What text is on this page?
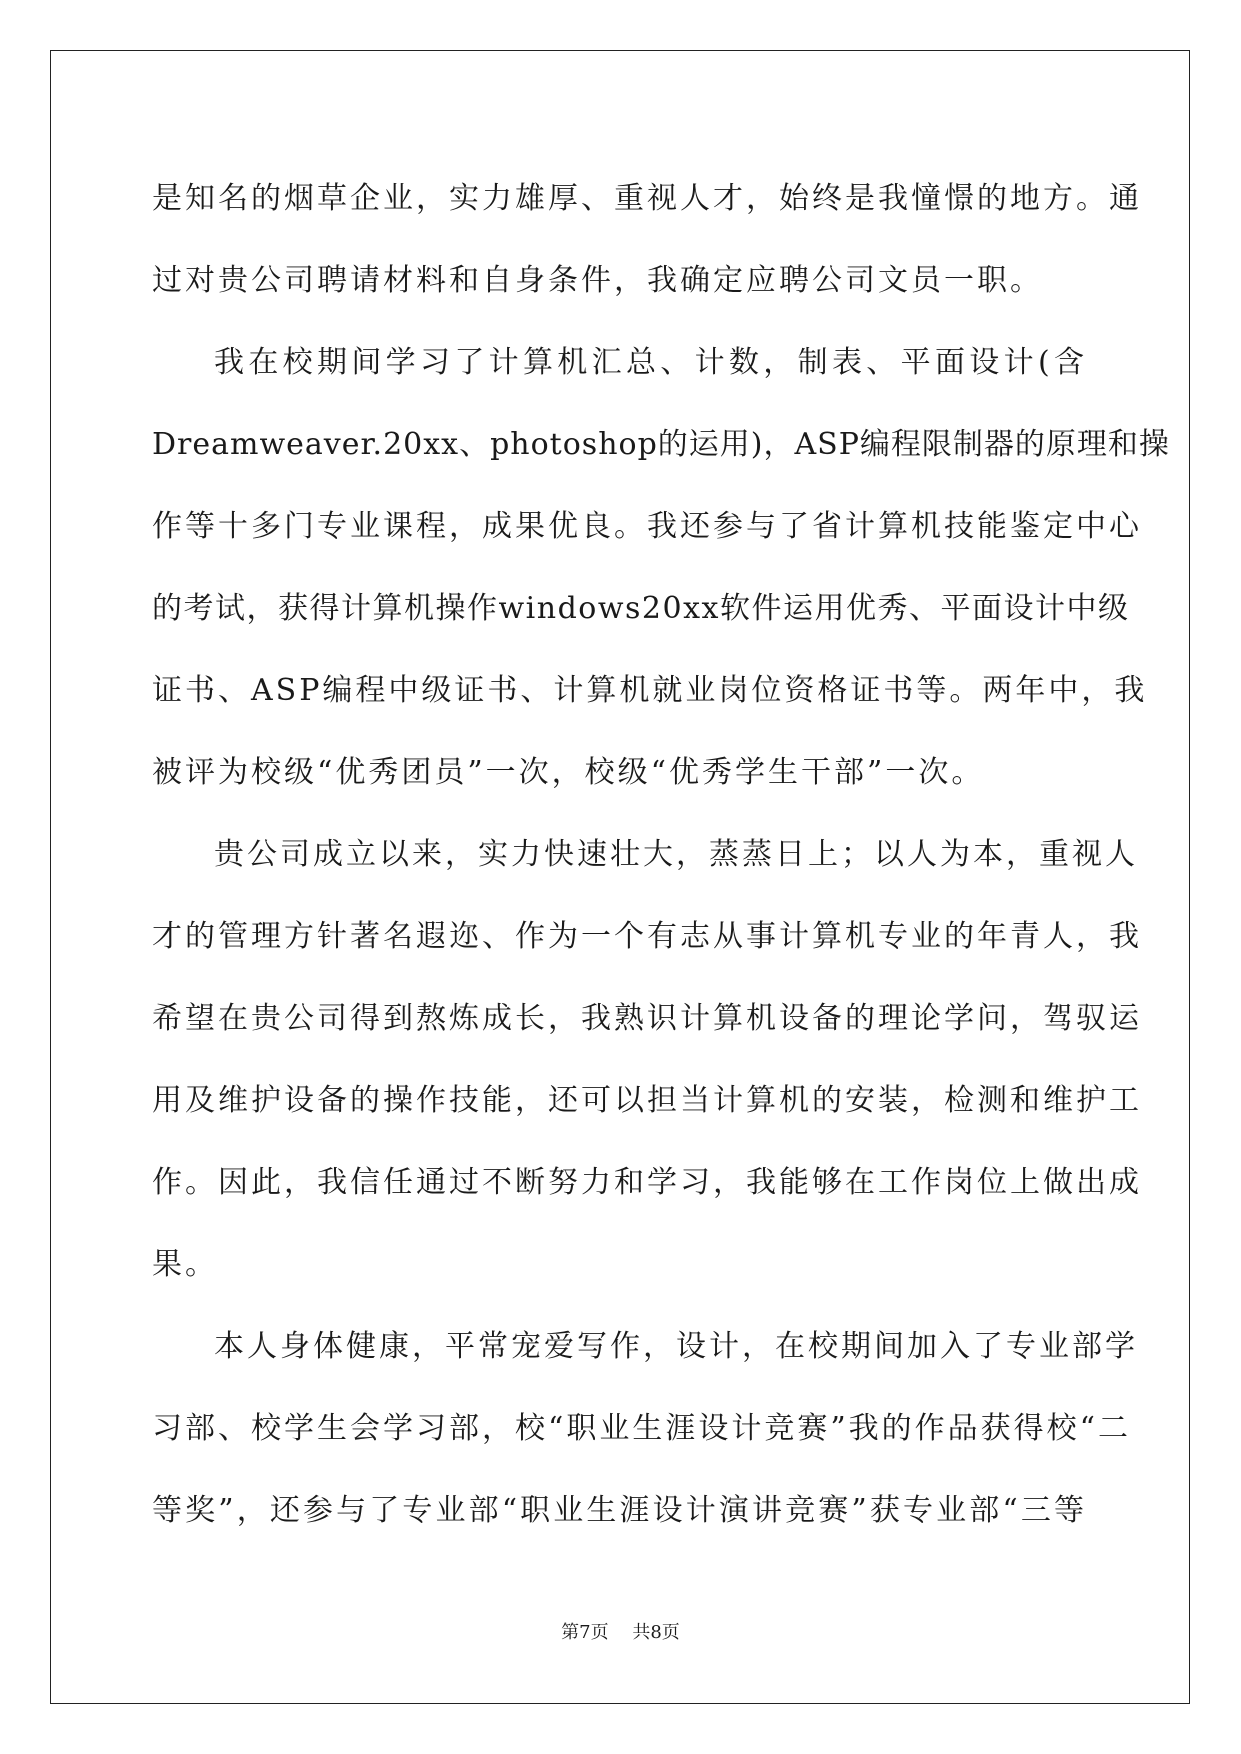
是知名的烟草企业，实力雄厚、重视人才，始终是我憧憬的地方。通
过对贵公司聘请材料和自身条件，我确定应聘公司文员一职。
我在校期间学习了计算机汇总、计数，制表、平面设计(含
Dreamweaver.20xx、photoshop的运用)，ASP编程限制器的原理和操
作等十多门专业课程，成果优良。我还参与了省计算机技能鉴定中心
的考试，获得计算机操作windows20xx软件运用优秀、平面设计中级
证书、ASP编程中级证书、计算机就业岗位资格证书等。两年中，我
被评为校级“优秀团员”一次，校级“优秀学生干部”一次。
贵公司成立以来，实力快速壮大，蒸蒸日上；以人为本，重视人
才的管理方针著名遐迩、作为一个有志从事计算机专业的年青人，我
希望在贵公司得到熬炼成长，我熟识计算机设备的理论学问，驾驭运
用及维护设备的操作技能，还可以担当计算机的安装，检测和维护工
作。因此，我信任通过不断努力和学习，我能够在工作岗位上做出成
果。
本人身体健康，平常宠爱写作，设计，在校期间加入了专业部学
习部、校学生会学习部，校“职业生涯设计竞赛”我的作品获得校“二
等奖”，还参与了专业部“职业生涯设计演讲竞赛”获专业部“三等
第7页 共8页
